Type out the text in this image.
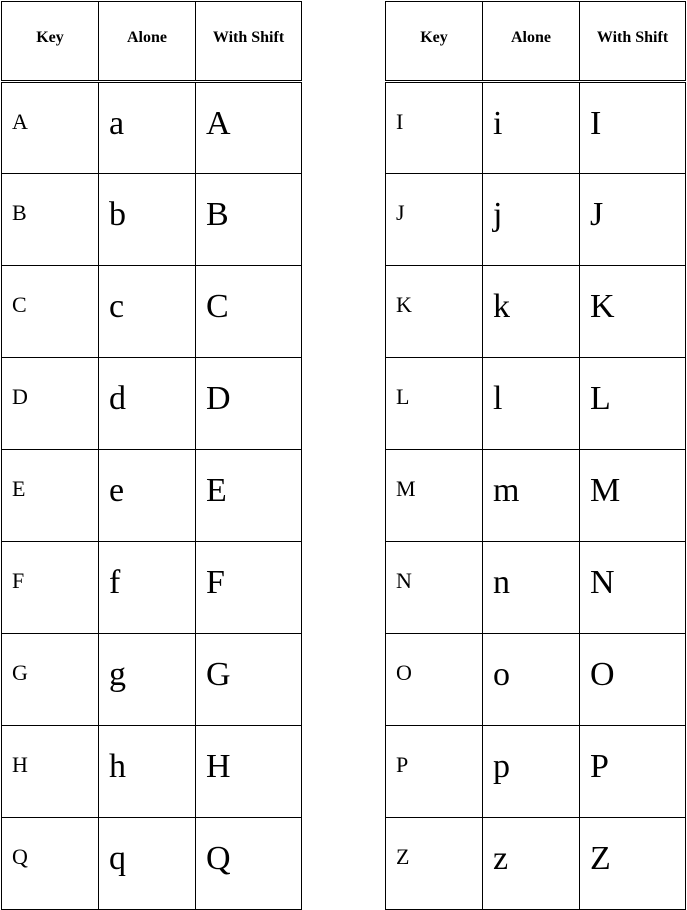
Key	Alone	With Shift
A	a	A
B	b	B
C	c	C
D	d	D
E	e	E
F	f	F
G	g	G
H	h	H
Q	q	Q
Key	Alone	With Shift
I	i	I
J	j	J
K	k	K
L	l	L
M	m	M
N	n	N
O	o	O
P	p	P
Z	z	Z
